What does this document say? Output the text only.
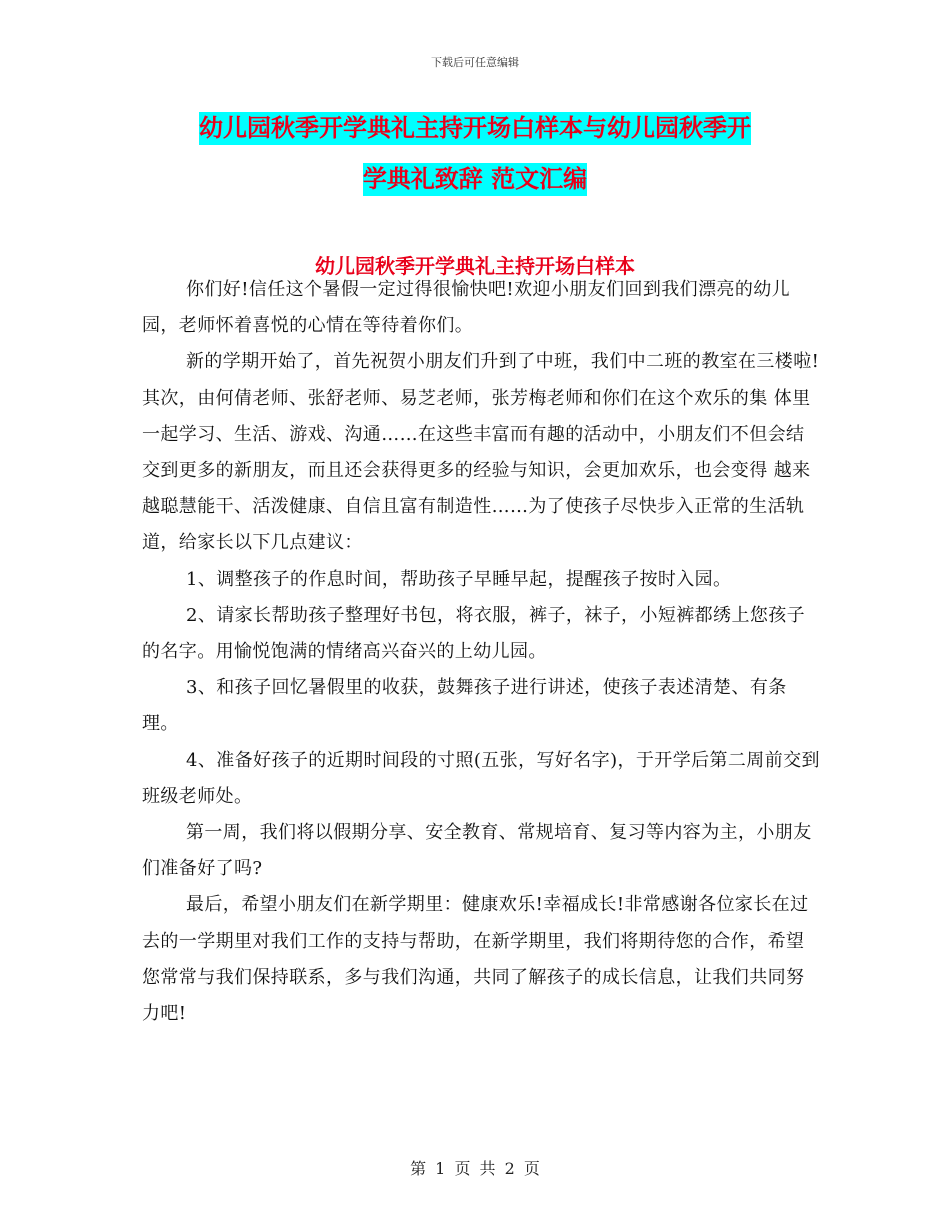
下载后可任意编辑
幼儿园秋季开学典礼主持开场白样本与幼儿园秋季开
学典礼致辞 范文汇编
幼儿园秋季开学典礼主持开场白样本

你们好!信任这个暑假一定过得很愉快吧!欢迎小朋友们回到我们漂亮的幼儿园，老师怀着喜悦的心情在等待着你们。

新的学期开始了，首先祝贺小朋友们升到了中班，我们中二班的教室在三楼啦!其次，由何倩老师、张舒老师、易芝老师，张芳梅老师和你们在这个欢乐的集 体里一起学习、生活、游戏、沟通……在这些丰富而有趣的活动中，小朋友们不但会结交到更多的新朋友，而且还会获得更多的经验与知识，会更加欢乐，也会变得 越来越聪慧能干、活泼健康、自信且富有制造性……为了使孩子尽快步入正常的生活轨道，给家长以下几点建议：

1、调整孩子的作息时间，帮助孩子早睡早起，提醒孩子按时入园。

2、请家长帮助孩子整理好书包，将衣服，裤子，袜子，小短裤都绣上您孩子的名字。用愉悦饱满的情绪高兴奋兴的上幼儿园。

3、和孩子回忆暑假里的收获，鼓舞孩子进行讲述，使孩子表述清楚、有条理。

4、准备好孩子的近期时间段的寸照(五张，写好名字)，于开学后第二周前交到班级老师处。

第一周，我们将以假期分享、安全教育、常规培育、复习等内容为主，小朋友们准备好了吗?

最后，希望小朋友们在新学期里：健康欢乐!幸福成长!非常感谢各位家长在过去的一学期里对我们工作的支持与帮助，在新学期里，我们将期待您的合作，希望您常常与我们保持联系，多与我们沟通，共同了解孩子的成长信息，让我们共同努力吧!

第 1 页 共 2 页
